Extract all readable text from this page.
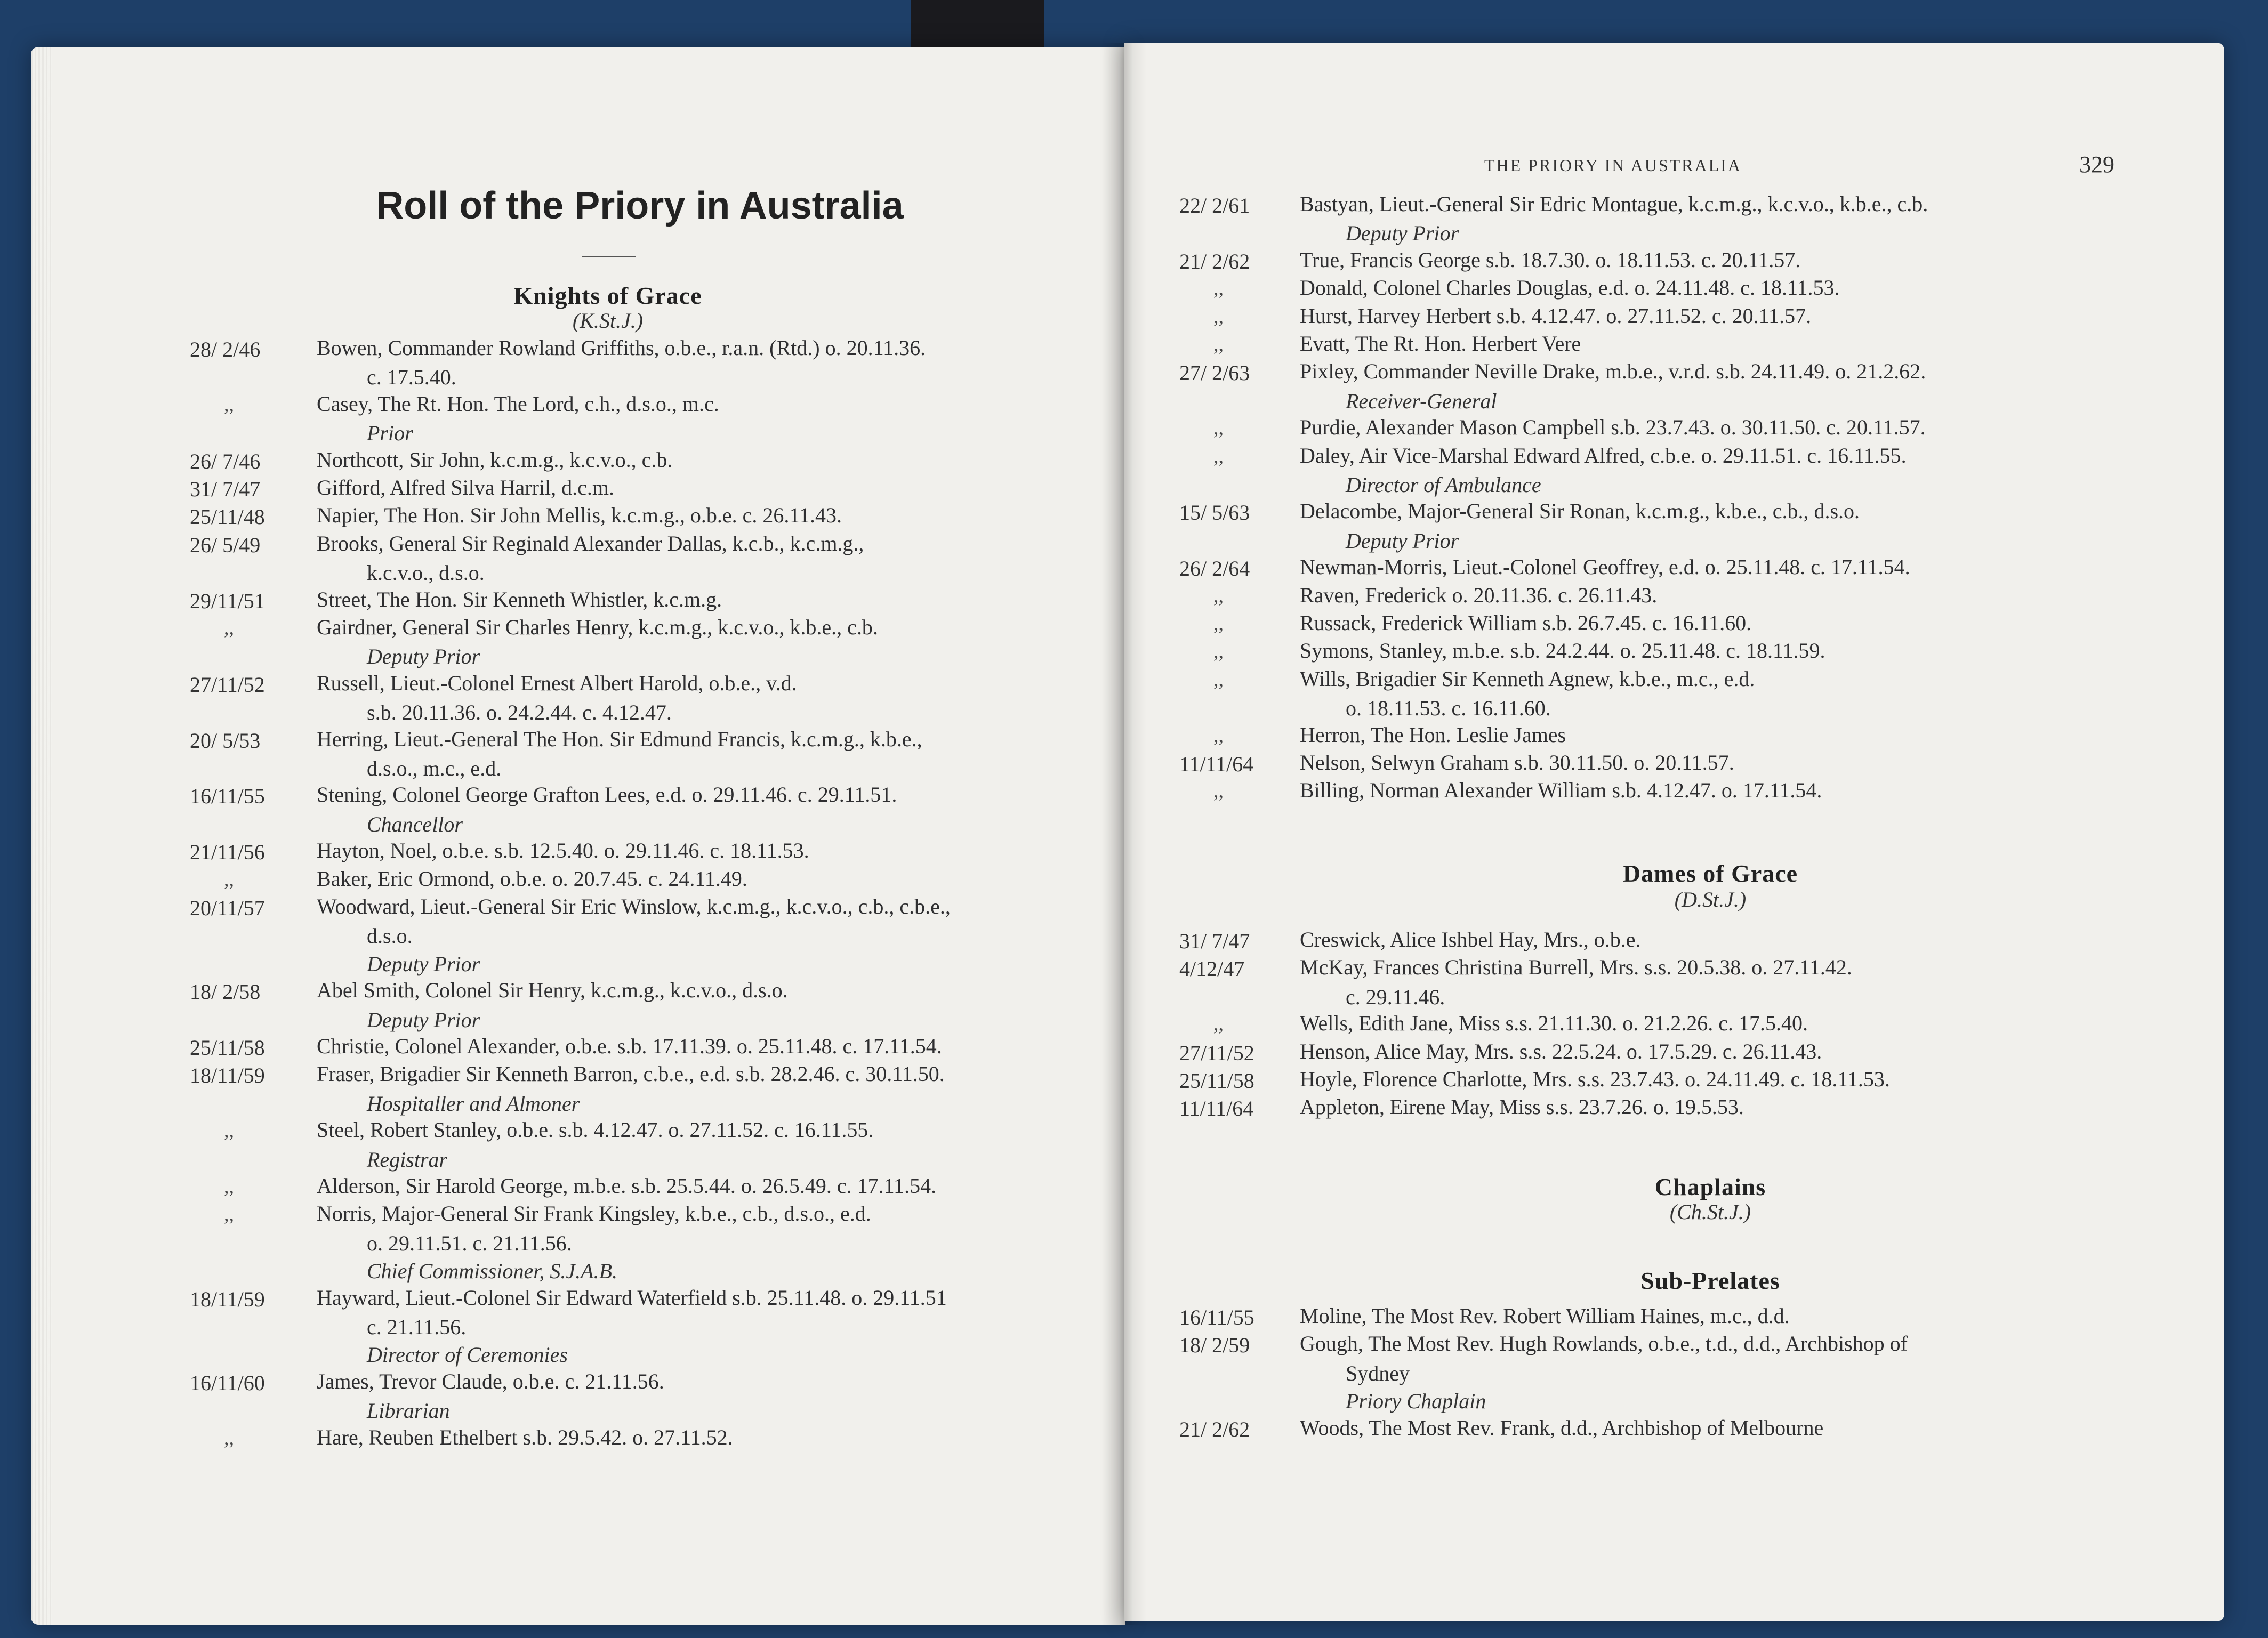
Roll of the Priory in Australia
Knights of Grace
(K.St.J.)
28/ 2/46	Bowen, Commander Rowland Griffiths, o.b.e., r.a.n. (Rtd.) o. 20.11.36.
c. 17.5.40.
,,	Casey, The Rt. Hon. The Lord, c.h., d.s.o., m.c.
Prior
26/ 7/46	Northcott, Sir John, k.c.m.g., k.c.v.o., c.b.
31/ 7/47	Gifford, Alfred Silva Harril, d.c.m.
25/11/48 Napier, The Hon. Sir John Mellis, k.c.m.g., o.b.e. c. 26.11.43.
26/ 5/49	Brooks, General Sir Reginald Alexander Dallas, k.c.b., k.c.m.g.,
k.c.v.o., d.s.o.
29/11/51 Street, The Hon. Sir Kenneth Whistler, k.c.m.g.
,,	Gairdner, General Sir Charles Henry, k.c.m.g., k.c.v.o., k.b.e., c.b.
Deputy Prior
27/11/52 Russell, Lieut.-Colonel Ernest Albert Harold, o.b.e., v.d.
s.b. 20.11.36. o. 24.2.44. c. 4.12.47.
20/ 5/53	Herring, Lieut.-General The Hon. Sir Edmund Francis, k.c.m.g., k.b.e.,
d.s.o., m.c., e.d.
16/11/55 Stening, Colonel George Grafton Lees, e.d. o. 29.11.46. c. 29.11.51.
Chancellor
21/11/56 Hayton, Noel, o.b.e. s.b. 12.5.40. o. 29.11.46. c. 18.11.53.
,,	Baker, Eric Ormond, o.b.e. o. 20.7.45. c. 24.11.49.
20/11/57 Woodward, Lieut.-General Sir Eric Winslow, k.c.m.g., k.c.v.o., c.b., c.b.e.,
d.s.o.
Deputy Prior
18/ 2/58	Abel Smith, Colonel Sir Henry, k.c.m.g., k.c.v.o., d.s.o.
Deputy Prior
25/11/58 Christie, Colonel Alexander, o.b.e. s.b. 17.11.39. o. 25.11.48. c. 17.11.54.
18/11/59 Fraser, Brigadier Sir Kenneth Barron, c.b.e., e.d. s.b. 28.2.46. c. 30.11.50.
Hospitaller and Almoner
,,	Steel, Robert Stanley, o.b.e. s.b. 4.12.47. o. 27.11.52. c. 16.11.55.
Registrar
,,	Alderson, Sir Harold George, m.b.e. s.b. 25.5.44. o. 26.5.49. c. 17.11.54.
,,	Norris, Major-General Sir Frank Kingsley, k.b.e., c.b., d.s.o., e.d.
o. 29.11.51. c. 21.11.56.
Chief Commissioner, S.J.A.B.
18/11/59 Hayward, Lieut.-Colonel Sir Edward Waterfield s.b. 25.11.48. o. 29.11.51
c. 21.11.56.
Director of Ceremonies
16/11/60 James, Trevor Claude, o.b.e. c. 21.11.56.
Librarian
,,	Hare, Reuben Ethelbert s.b. 29.5.42. o. 27.11.52.
THE PRIORY IN AUSTRALIA	329
22/ 2/61 Bastyan, Lieut.-General Sir Edric Montague, k.c.m.g., k.c.v.o., k.b.e., c.b.
Deputy Prior
21/ 2/62 True, Francis George s.b. 18.7.30. o. 18.11.53. c. 20.11.57.
,,	Donald, Colonel Charles Douglas, e.d. o. 24.11.48. c. 18.11.53.
,,	Hurst, Harvey Herbert s.b. 4.12.47. o. 27.11.52. c. 20.11.57.
,,	Evatt, The Rt. Hon. Herbert Vere
27/ 2/63 Pixley, Commander Neville Drake, m.b.e., v.r.d. s.b. 24.11.49. o. 21.2.62.
Receiver-General
,,	Purdie, Alexander Mason Campbell s.b. 23.7.43. o. 30.11.50. c. 20.11.57.
,,	Daley, Air Vice-Marshal Edward Alfred, c.b.e. o. 29.11.51. c. 16.11.55.
Director of Ambulance
15/ 5/63 Delacombe, Major-General Sir Ronan, k.c.m.g., k.b.e., c.b., d.s.o.
Deputy Prior
26/ 2/64 Newman-Morris, Lieut.-Colonel Geoffrey, e.d. o. 25.11.48. c. 17.11.54.
,,	Raven, Frederick o. 20.11.36. c. 26.11.43.
,,	Russack, Frederick William s.b. 26.7.45. c. 16.11.60.
,,	Symons, Stanley, m.b.e. s.b. 24.2.44. o. 25.11.48. c. 18.11.59.
,,	Wills, Brigadier Sir Kenneth Agnew, k.b.e., m.c., e.d.
o. 18.11.53. c. 16.11.60.
,,	Herron, The Hon. Leslie James
11/11/64 Nelson, Selwyn Graham s.b. 30.11.50. o. 20.11.57.
,,	Billing, Norman Alexander William s.b. 4.12.47. o. 17.11.54.
Dames of Grace
(D.St.J.)
31/ 7/47 Creswick, Alice Ishbel Hay, Mrs., o.b.e.
4/12/47	McKay, Frances Christina Burrell, Mrs. s.s. 20.5.38. o. 27.11.42.
c. 29.11.46.
,,	Wells, Edith Jane, Miss s.s. 21.11.30. o. 21.2.26. c. 17.5.40.
27/11/52 Henson, Alice May, Mrs. s.s. 22.5.24. o. 17.5.29. c. 26.11.43.
25/11/58 Hoyle, Florence Charlotte, Mrs. s.s. 23.7.43. o. 24.11.49. c. 18.11.53.
11/11/64 Appleton, Eirene May, Miss s.s. 23.7.26. o. 19.5.53.
Chaplains
(Ch.St.J.)
Sub-Prelates
16/11/55 Moline, The Most Rev. Robert William Haines, m.c., d.d.
18/ 2/59 Gough, The Most Rev. Hugh Rowlands, o.b.e., t.d., d.d., Archbishop of
Sydney
Priory Chaplain
21/ 2/62 Woods, The Most Rev. Frank, d.d., Archbishop of Melbourne
